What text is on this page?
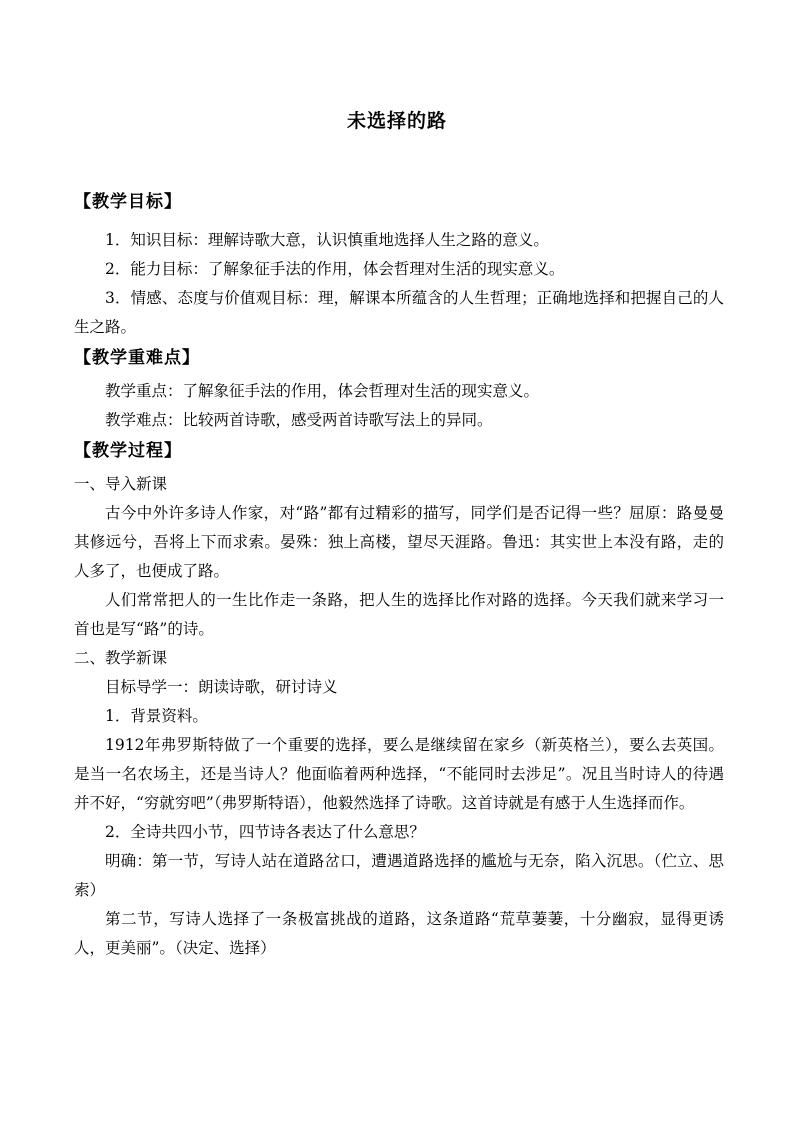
未选择的路
【教学目标】

1．知识目标：理解诗歌大意，认识慎重地选择人生之路的意义。

2．能力目标：了解象征手法的作用，体会哲理对生活的现实意义。

3．情感、态度与价值观目标：理，解课本所蕴含的人生哲理；正确地选择和把握自己的人生之路。

【教学重难点】

教学重点：了解象征手法的作用，体会哲理对生活的现实意义。

教学难点：比较两首诗歌，感受两首诗歌写法上的异同。

【教学过程】

一、导入新课

古今中外许多诗人作家，对“路”都有过精彩的描写，同学们是否记得一些？屈原：路曼曼其修远兮，吾将上下而求索。晏殊：独上高楼，望尽天涯路。鲁迅：其实世上本没有路，走的人多了，也便成了路。

人们常常把人的一生比作走一条路，把人生的选择比作对路的选择。今天我们就来学习一首也是写“路”的诗。

二、教学新课

目标导学一：朗读诗歌，研讨诗义

1．背景资料。

1912年弗罗斯特做了一个重要的选择，要么是继续留在家乡（新英格兰），要么去英国。是当一名农场主，还是当诗人？他面临着两种选择，“不能同时去涉足”。况且当时诗人的待遇并不好，“穷就穷吧”（弗罗斯特语），他毅然选择了诗歌。这首诗就是有感于人生选择而作。

2．全诗共四小节，四节诗各表达了什么意思？

明确：第一节，写诗人站在道路岔口，遭遇道路选择的尴尬与无奈，陷入沉思。（伫立、思索）

第二节，写诗人选择了一条极富挑战的道路，这条道路“荒草萋萋，十分幽寂，显得更诱人，更美丽”。（决定、选择）
